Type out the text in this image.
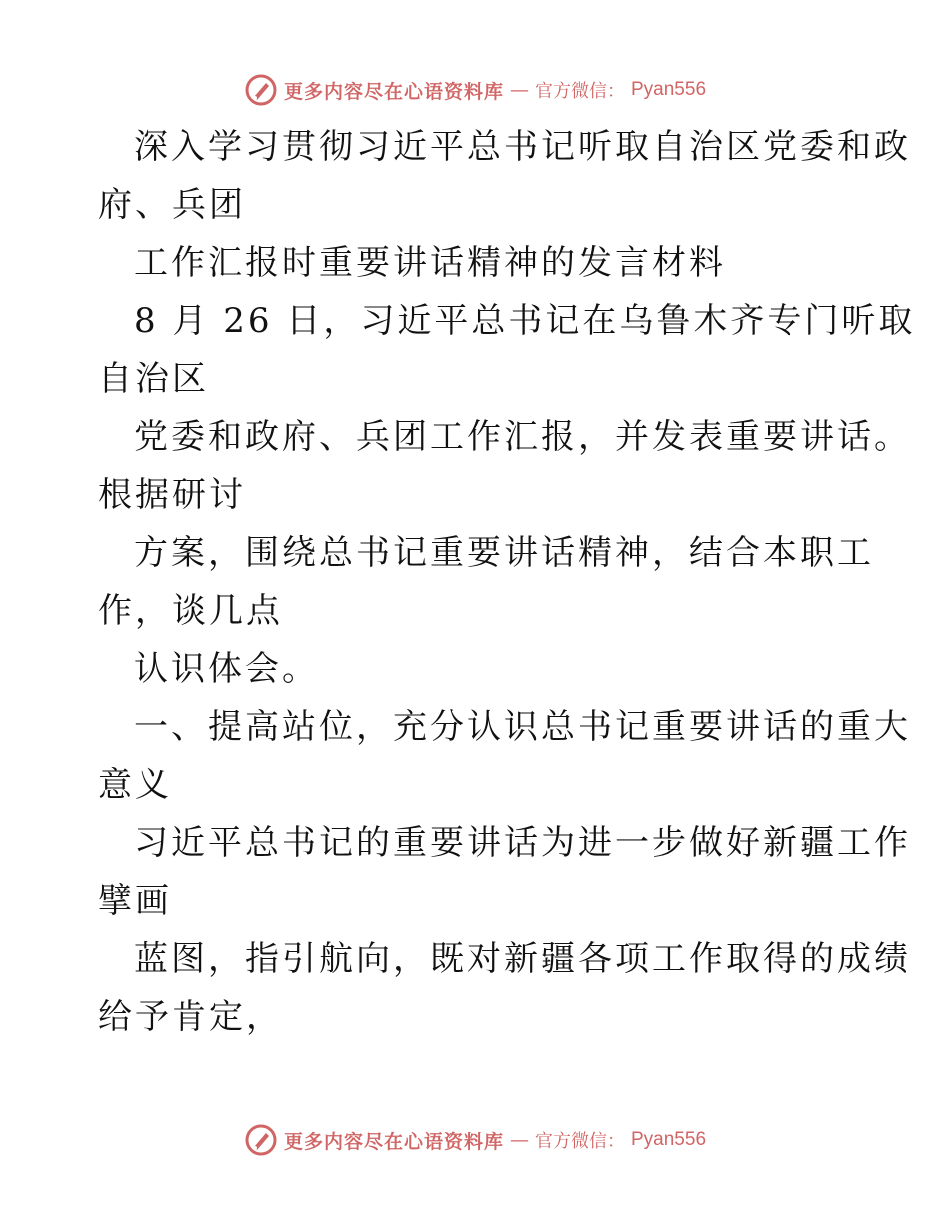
更多内容尽在心语资料库 — 官方微信： Pyan556
深入学习贯彻习近平总书记听取自治区党委和政
府、兵团
工作汇报时重要讲话精神的发言材料
8 月 26 日，习近平总书记在乌鲁木齐专门听取
自治区
党委和政府、兵团工作汇报，并发表重要讲话。
根据研讨
方案，围绕总书记重要讲话精神，结合本职工
作，谈几点
认识体会。
一、提高站位，充分认识总书记重要讲话的重大
意义
习近平总书记的重要讲话为进一步做好新疆工作
擘画
蓝图，指引航向，既对新疆各项工作取得的成绩
给予肯定，
更多内容尽在心语资料库 — 官方微信： Pyan556
